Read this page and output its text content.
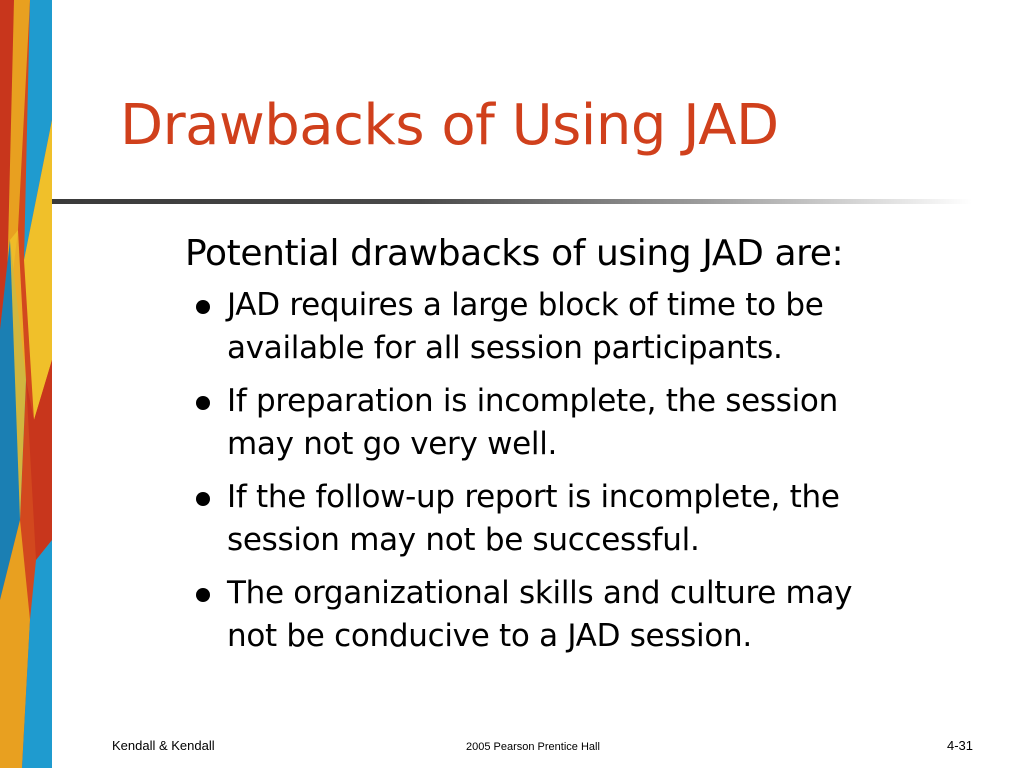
Drawbacks of Using JAD

Potential drawbacks of using JAD are:

JAD requires a large block of time to be
available for all session participants.
If preparation is incomplete, the session
may not go very well.
If the follow-up report is incomplete, the
session may not be successful.
The organizational skills and culture may
not be conducive to a JAD session.
Kendall & Kendall	2005 Pearson Prentice Hall	4-31
